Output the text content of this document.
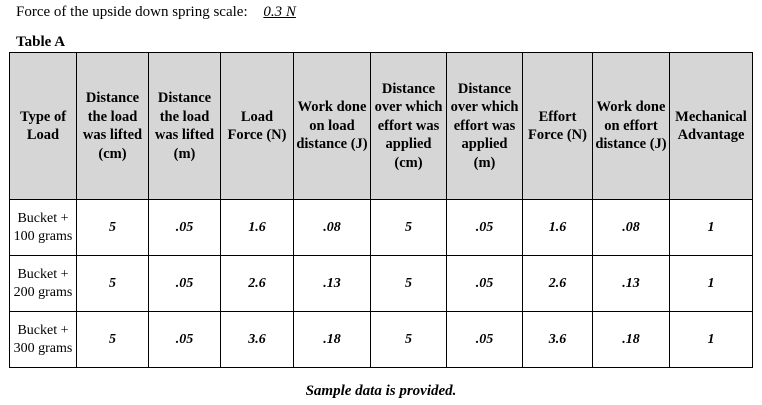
Force of the upside down spring scale: 0.3 N
Table A
Type of Load	Distance the load was lifted (cm)	Distance the load was lifted (m)	Load Force (N)	Work done on load distance (J)	Distance over which effort was applied (cm)	Distance over which effort was applied (m)	Effort Force (N)	Work done on effort distance (J)	Mechanical Advantage
Bucket + 100 grams	5	.05	1.6	.08	5	.05	1.6	.08	1
Bucket + 200 grams	5	.05	2.6	.13	5	.05	2.6	.13	1
Bucket + 300 grams	5	.05	3.6	.18	5	.05	3.6	.18	1
Sample data is provided.
